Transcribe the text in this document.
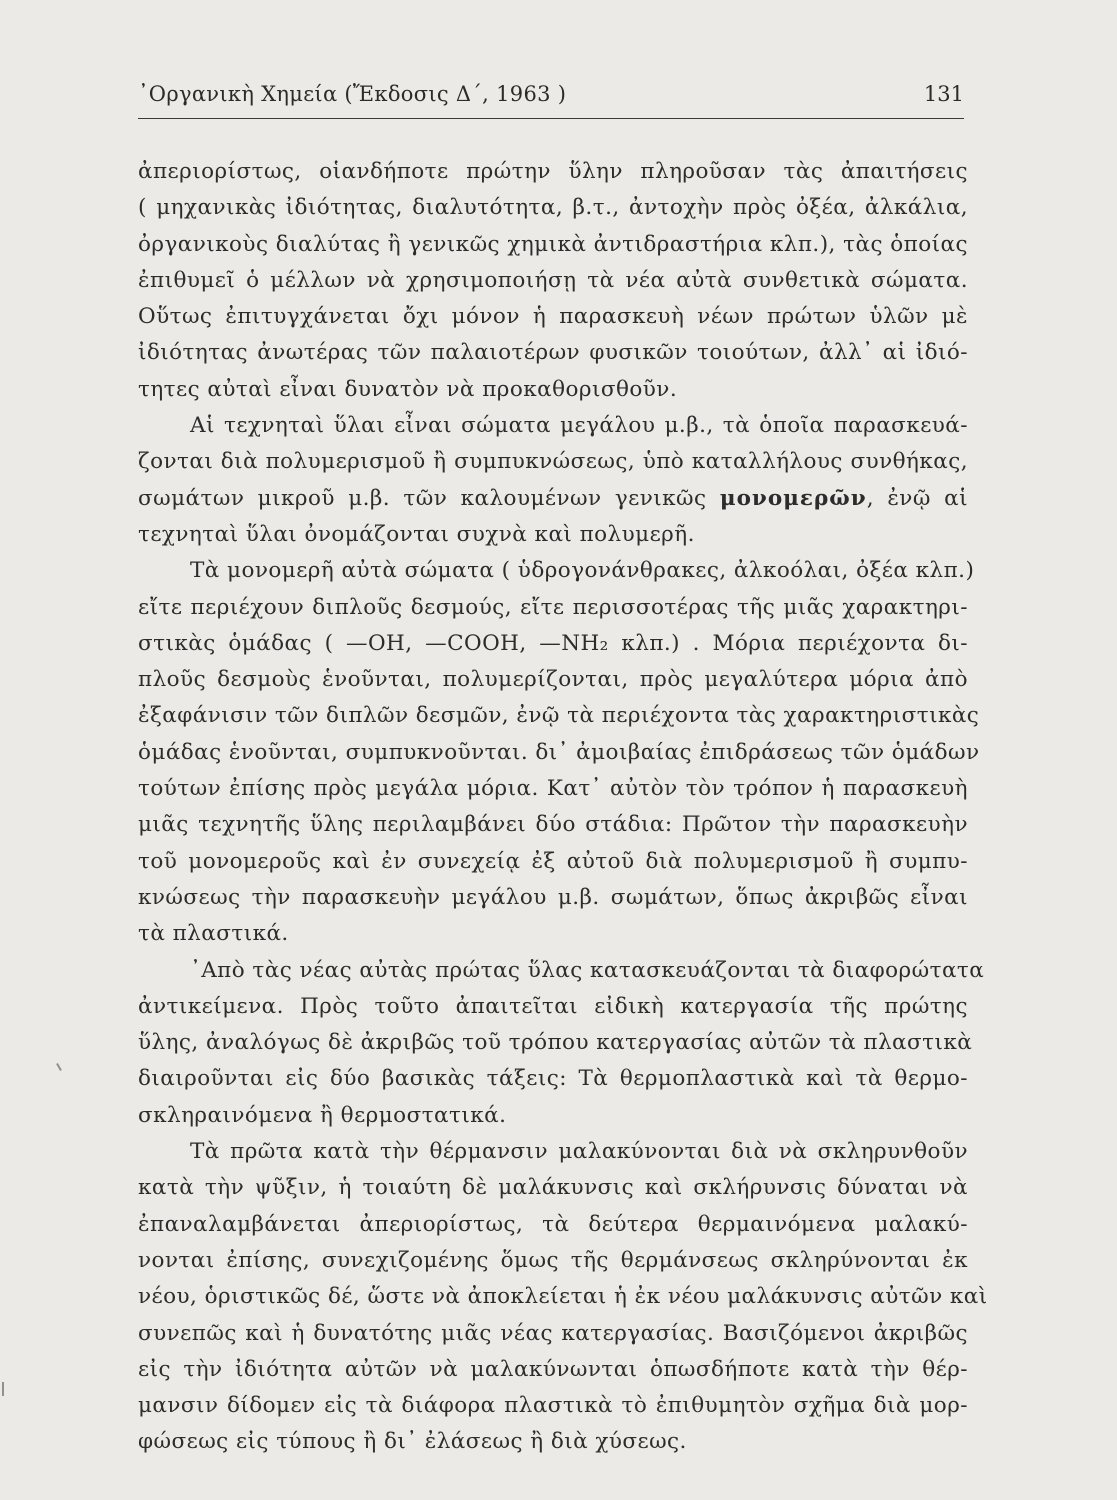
᾿Οργανικὴ Χημεία (Ἔκδοσις Δ΄, 1963 )	131
ἀπεριορίστως, οἱανδήποτε πρώτην ὕλην πληροῦσαν τὰς ἀπαιτήσεις
( μηχανικὰς ἰδιότητας, διαλυτότητα, β.τ., ἀντοχὴν πρὸς ὀξέα, ἀλκάλια,
ὀργανικοὺς διαλύτας ἢ γενικῶς χημικὰ ἀντιδραστήρια κλπ.), τὰς ὁποίας
ἐπιθυμεῖ ὁ μέλλων νὰ χρησιμοποιήσῃ τὰ νέα αὐτὰ συνθετικὰ σώματα.
Οὕτως ἐπιτυγχάνεται ὄχι μόνον ἡ παρασκευὴ νέων πρώτων ὑλῶν μὲ
ἰδιότητας ἀνωτέρας τῶν παλαιοτέρων φυσικῶν τοιούτων, ἀλλ᾽ αἱ ἰδιό-
τητες αὐταὶ εἶναι δυνατὸν νὰ προκαθορισθοῦν.
Αἱ τεχνηταὶ ὕλαι εἶναι σώματα μεγάλου μ.β., τὰ ὁποῖα παρασκευά-
ζονται διὰ πολυμερισμοῦ ἢ συμπυκνώσεως, ὑπὸ καταλλήλους συνθήκας,
σωμάτων μικροῦ μ.β. τῶν καλουμένων γενικῶς μονομερῶν, ἐνῷ αἱ
τεχνηταὶ ὕλαι ὀνομάζονται συχνὰ καὶ πολυμερῆ.
Τὰ μονομερῆ αὐτὰ σώματα ( ὑδρογονάνθρακες, ἀλκοόλαι, ὀξέα κλπ.)
εἴτε περιέχουν διπλοῦς δεσμούς, εἴτε περισσοτέρας τῆς μιᾶς χαρακτηρι-
στικὰς ὁμάδας ( —OH, —COOH, —NH₂ κλπ.) . Μόρια περιέχοντα δι-
πλοῦς δεσμοὺς ἑνοῦνται, πολυμερίζονται, πρὸς μεγαλύτερα μόρια ἀπὸ
ἐξαφάνισιν τῶν διπλῶν δεσμῶν, ἐνῷ τὰ περιέχοντα τὰς χαρακτηριστικὰς
ὁμάδας ἑνοῦνται, συμπυκνοῦνται. δι᾽ ἀμοιβαίας ἐπιδράσεως τῶν ὁμάδων
τούτων ἐπίσης πρὸς μεγάλα μόρια. Κατ᾽ αὐτὸν τὸν τρόπον ἡ παρασκευὴ
μιᾶς τεχνητῆς ὕλης περιλαμβάνει δύο στάδια: Πρῶτον τὴν παρασκευὴν
τοῦ μονομεροῦς καὶ ἐν συνεχείᾳ ἐξ αὐτοῦ διὰ πολυμερισμοῦ ἢ συμπυ-
κνώσεως τὴν παρασκευὴν μεγάλου μ.β. σωμάτων, ὅπως ἀκριβῶς εἶναι
τὰ πλαστικά.
᾿Απὸ τὰς νέας αὐτὰς πρώτας ὕλας κατασκευάζονται τὰ διαφορώτατα
ἀντικείμενα. Πρὸς τοῦτο ἀπαιτεῖται εἰδικὴ κατεργασία τῆς πρώτης
ὕλης, ἀναλόγως δὲ ἀκριβῶς τοῦ τρόπου κατεργασίας αὐτῶν τὰ πλαστικὰ
διαιροῦνται εἰς δύο βασικὰς τάξεις: Τὰ θερμοπλαστικὰ καὶ τὰ θερμο-
σκληραινόμενα ἢ θερμοστατικά.
Τὰ πρῶτα κατὰ τὴν θέρμανσιν μαλακύνονται διὰ νὰ σκληρυνθοῦν
κατὰ τὴν ψῦξιν, ἡ τοιαύτη δὲ μαλάκυνσις καὶ σκλήρυνσις δύναται νὰ
ἐπαναλαμβάνεται ἀπεριορίστως, τὰ δεύτερα θερμαινόμενα μαλακύ-
νονται ἐπίσης, συνεχιζομένης ὅμως τῆς θερμάνσεως σκληρύνονται ἐκ
νέου, ὁριστικῶς δέ, ὥστε νὰ ἀποκλείεται ἡ ἐκ νέου μαλάκυνσις αὐτῶν καὶ
συνεπῶς καὶ ἡ δυνατότης μιᾶς νέας κατεργασίας. Βασιζόμενοι ἀκριβῶς
εἰς τὴν ἰδιότητα αὐτῶν νὰ μαλακύνωνται ὁπωσδήποτε κατὰ τὴν θέρ-
μανσιν δίδομεν εἰς τὰ διάφορα πλαστικὰ τὸ ἐπιθυμητὸν σχῆμα διὰ μορ-
φώσεως εἰς τύπους ἢ δι᾽ ἐλάσεως ἢ διὰ χύσεως.
